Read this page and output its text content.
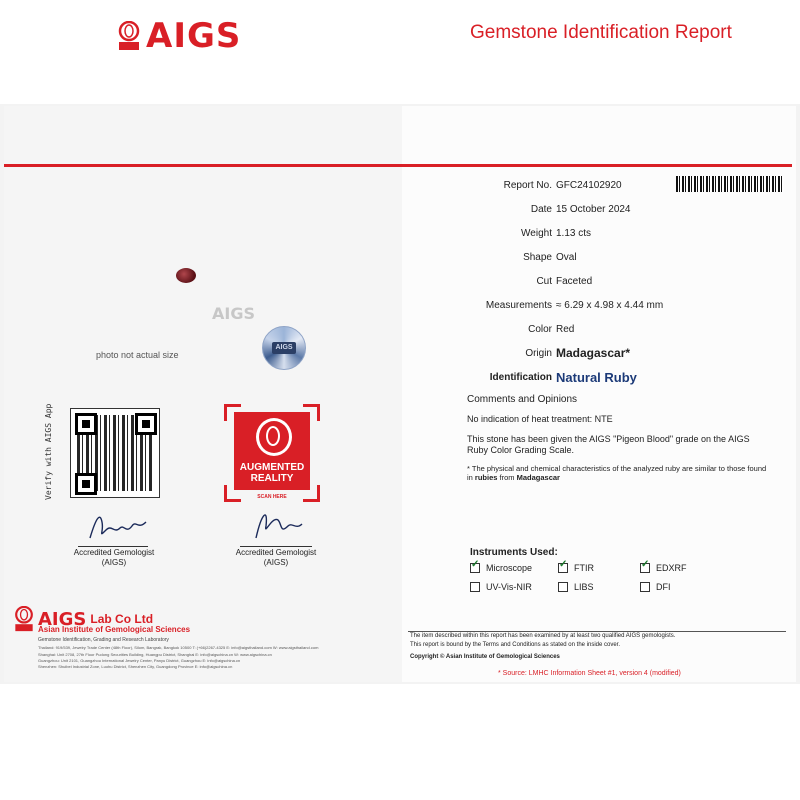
AIGS	Gemstone Identification Report
Report No. GFC24102920
Date 15 October 2024
Weight 1.13 cts
Shape Oval
Cut Faceted
Measurements ≈ 6.29 x 4.98 x 4.44 mm
Color Red
Origin Madagascar*
Identification Natural Ruby
Comments and Opinions
No indication of heat treatment: NTE
This stone has been given the AIGS "Pigeon Blood" grade on the AIGS Ruby Color Grading Scale.
* The physical and chemical characteristics of the analyzed ruby are similar to those found in rubies from Madagascar
AIGS
AIGS
photo not actual size
Verify with AIGS App	AUGMENTED
REALITY
SCAN HERE
Accredited Gemologist
(AIGS)
Accredited Gemologist
(AIGS)
Instruments Used:
✓
Microscope ✓	FTIR ✓	EDXRF
UV-Vis-NIR	LIBS	DFI
AIGS Lab Co Ltd
Asian Institute of Gemological Sciences
Gemstone Identification, Grading and Research Laboratory
Thailand: 919/539, Jewelry Trade Center (48th Floor), Silom, Bangrak, Bangkok 10500 T: (+66)2267-4325 E: info@aigsthailand.com W: www.aigsthailand.com
Shanghai: Unit 2708, 27th Floor Pudong Securities Building, Huangpu District, Shanghai E: info@aigschina.cn W: www.aigschina.cn
Guangzhou: Unit 2101, Guangzhou International Jewelry Center, Panyu District, Guangzhou E: info@aigschina.cn
Shenzhen: Shuibei Industrial Zone, Luohu District, Shenzhen City, Guangdong Province E: info@aigschina.cn
The item described within this report has been examined by at least two qualified AIGS gemologists.
This report is bound by the Terms and Conditions as stated on the inside cover.
Copyright © Asian Institute of Gemological Sciences
* Source: LMHC Information Sheet #1, version 4 (modified)
